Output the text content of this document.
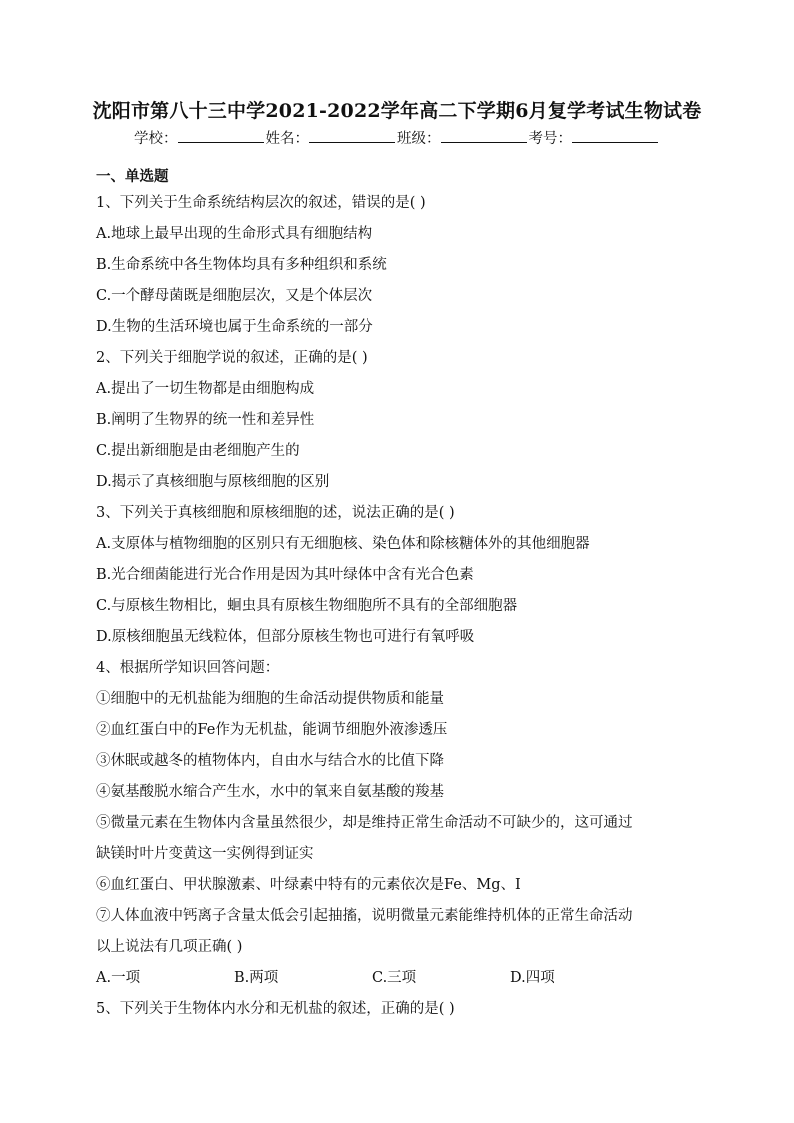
沈阳市第八十三中学2021-2022学年高二下学期6月复学考试生物试卷
学校：	姓名：	班级：	考号：
一、单选题
1、下列关于生命系统结构层次的叙述，错误的是( )
A.地球上最早出现的生命形式具有细胞结构
B.生命系统中各生物体均具有多种组织和系统
C.一个酵母菌既是细胞层次，又是个体层次
D.生物的生活环境也属于生命系统的一部分
2、下列关于细胞学说的叙述，正确的是( )
A.提出了一切生物都是由细胞构成
B.阐明了生物界的统一性和差异性
C.提出新细胞是由老细胞产生的
D.揭示了真核细胞与原核细胞的区别
3、下列关于真核细胞和原核细胞的述，说法正确的是( )
A.支原体与植物细胞的区别只有无细胞核、染色体和除核糖体外的其他细胞器
B.光合细菌能进行光合作用是因为其叶绿体中含有光合色素
C.与原核生物相比，蛔虫具有原核生物细胞所不具有的全部细胞器
D.原核细胞虽无线粒体，但部分原核生物也可进行有氧呼吸
4、根据所学知识回答问题：
①细胞中的无机盐能为细胞的生命活动提供物质和能量
②血红蛋白中的Fe作为无机盐，能调节细胞外液渗透压
③休眠或越冬的植物体内，自由水与结合水的比值下降
④氨基酸脱水缩合产生水，水中的氧来自氨基酸的羧基
⑤微量元素在生物体内含量虽然很少，却是维持正常生命活动不可缺少的，这可通过
缺镁时叶片变黄这一实例得到证实
⑥血红蛋白、甲状腺激素、叶绿素中特有的元素依次是Fe、Mg、I
⑦人体血液中钙离子含量太低会引起抽搐，说明微量元素能维持机体的正常生命活动
以上说法有几项正确( )
A.一项	B.两项	C.三项	D.四项
5、下列关于生物体内水分和无机盐的叙述，正确的是( )
